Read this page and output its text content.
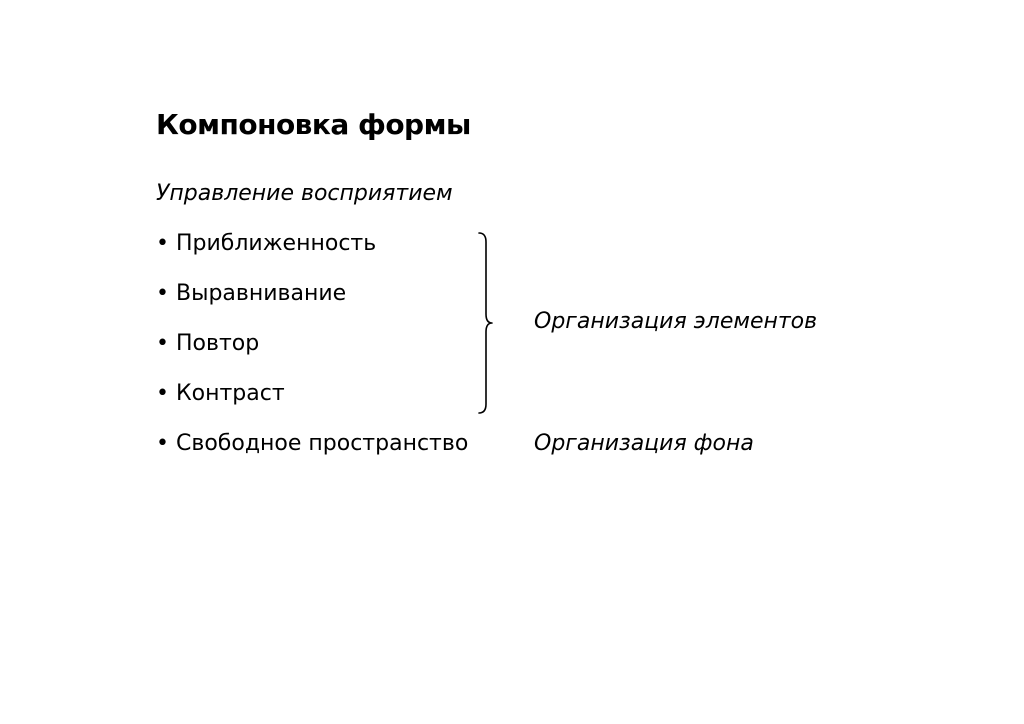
Компоновка формы
Управление восприятием
• Приближенность
• Выравнивание
• Повтор
• Контраст
• Свободное пространство
Организация элементов
Организация фона
